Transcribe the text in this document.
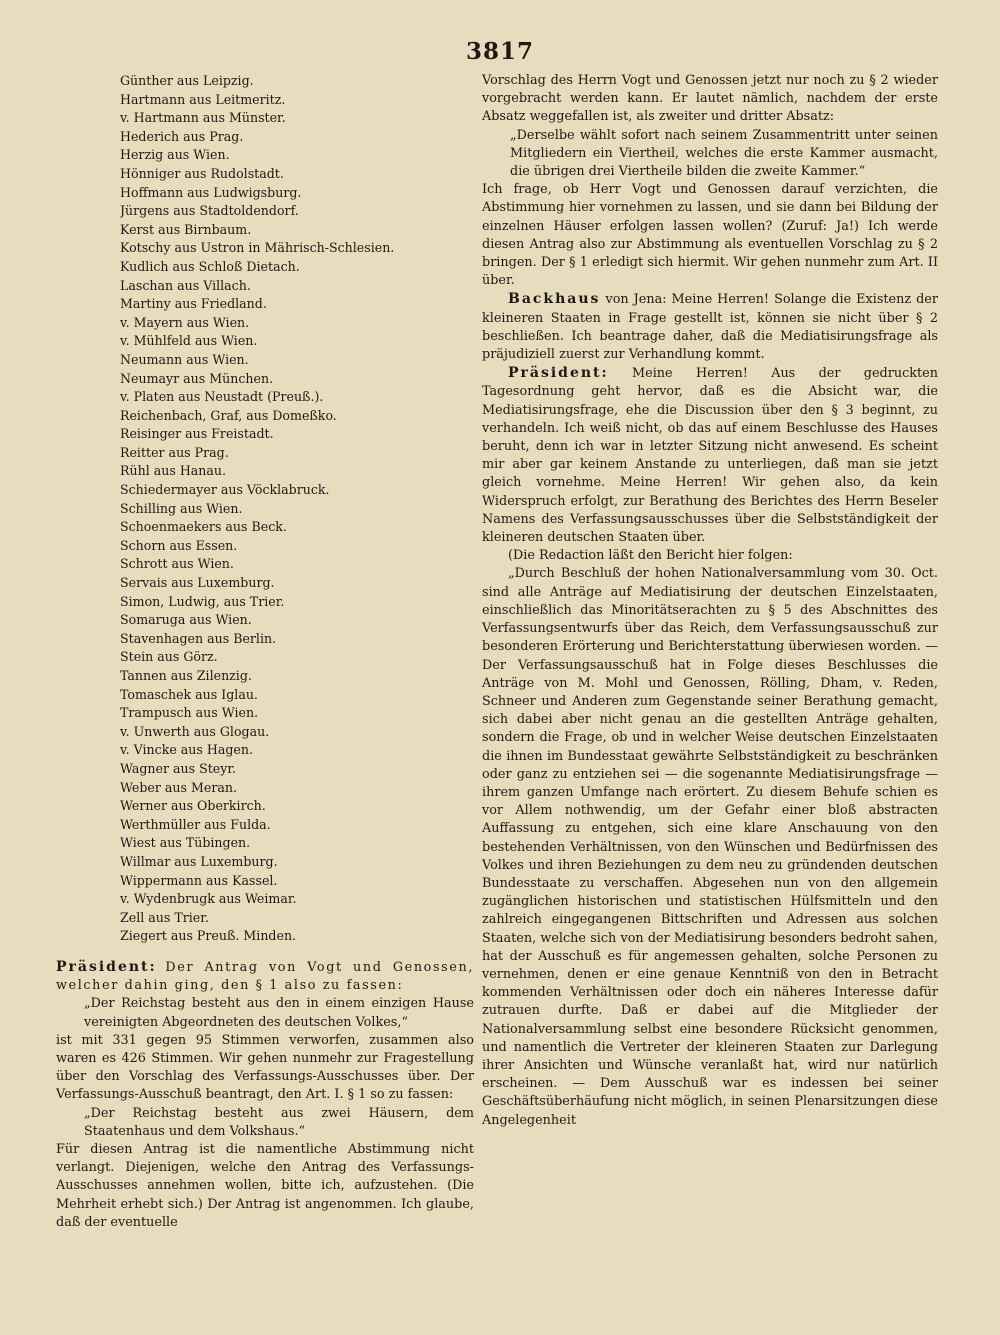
3817
Günther aus Leipzig.
Hartmann aus Leitmeritz.
v. Hartmann aus Münster.
Hederich aus Prag.
Herzig aus Wien.
Hönniger aus Rudolstadt.
Hoffmann aus Ludwigsburg.
Jürgens aus Stadtoldendorf.
Kerst aus Birnbaum.
Kotschy aus Ustron in Mährisch-Schlesien.
Kudlich aus Schloß Dietach.
Laschan aus Villach.
Martiny aus Friedland.
v. Mayern aus Wien.
v. Mühlfeld aus Wien.
Neumann aus Wien.
Neumayr aus München.
v. Platen aus Neustadt (Preuß.).
Reichenbach, Graf, aus Domeßko.
Reisinger aus Freistadt.
Reitter aus Prag.
Rühl aus Hanau.
Schiedermayer aus Vöcklabruck.
Schilling aus Wien.
Schoenmaekers aus Beck.
Schorn aus Essen.
Schrott aus Wien.
Servais aus Luxemburg.
Simon, Ludwig, aus Trier.
Somaruga aus Wien.
Stavenhagen aus Berlin.
Stein aus Görz.
Tannen aus Zilenzig.
Tomaschek aus Iglau.
Trampusch aus Wien.
v. Unwerth aus Glogau.
v. Vincke aus Hagen.
Wagner aus Steyr.
Weber aus Meran.
Werner aus Oberkirch.
Werthmüller aus Fulda.
Wiest aus Tübingen.
Willmar aus Luxemburg.
Wippermann aus Kassel.
v. Wydenbrugk aus Weimar.
Zell aus Trier.
Ziegert aus Preuß. Minden.

Präsident: Der Antrag von Vogt und Genossen, welcher dahin ging, den § 1 also zu fassen:

„Der Reichstag besteht aus den in einem einzigen Hause vereinigten Abgeordneten des deutschen Volkes,“

ist mit 331 gegen 95 Stimmen verworfen, zusammen also waren es 426 Stimmen. Wir gehen nunmehr zur Fragestellung über den Vorschlag des Verfassungs-Ausschusses über. Der Verfassungs-Ausschuß beantragt, den Art. I. § 1 so zu fassen:

„Der Reichstag besteht aus zwei Häusern, dem Staatenhaus und dem Volkshaus.“

Für diesen Antrag ist die namentliche Abstimmung nicht verlangt. Diejenigen, welche den Antrag des Verfassungs-Ausschusses annehmen wollen, bitte ich, aufzustehen. (Die Mehrheit erhebt sich.) Der Antrag ist angenommen. Ich glaube, daß der eventuelle

Vorschlag des Herrn Vogt und Genossen jetzt nur noch zu § 2 wieder vorgebracht werden kann. Er lautet nämlich, nachdem der erste Absatz weggefallen ist, als zweiter und dritter Absatz:

„Derselbe wählt sofort nach seinem Zusammentritt unter seinen Mitgliedern ein Viertheil, welches die erste Kammer ausmacht, die übrigen drei Viertheile bilden die zweite Kammer.“

Ich frage, ob Herr Vogt und Genossen darauf verzichten, die Abstimmung hier vornehmen zu lassen, und sie dann bei Bildung der einzelnen Häuser erfolgen lassen wollen? (Zuruf: Ja!) Ich werde diesen Antrag also zur Abstimmung als eventuellen Vorschlag zu § 2 bringen. Der § 1 erledigt sich hiermit. Wir gehen nunmehr zum Art. II über.

Backhaus von Jena: Meine Herren! Solange die Existenz der kleineren Staaten in Frage gestellt ist, können sie nicht über § 2 beschließen. Ich beantrage daher, daß die Mediatisirungsfrage als präjudiziell zuerst zur Verhandlung kommt.

Präsident: Meine Herren! Aus der gedruckten Tagesordnung geht hervor, daß es die Absicht war, die Mediatisirungsfrage, ehe die Discussion über den § 3 beginnt, zu verhandeln. Ich weiß nicht, ob das auf einem Beschlusse des Hauses beruht, denn ich war in letzter Sitzung nicht anwesend. Es scheint mir aber gar keinem Anstande zu unterliegen, daß man sie jetzt gleich vornehme. Meine Herren! Wir gehen also, da kein Widerspruch erfolgt, zur Berathung des Berichtes des Herrn Beseler Namens des Verfassungsausschusses über die Selbstständigkeit der kleineren deutschen Staaten über.

(Die Redaction läßt den Bericht hier folgen:

„Durch Beschluß der hohen Nationalversammlung vom 30. Oct. sind alle Anträge auf Mediatisirung der deutschen Einzelstaaten, einschließlich das Minoritätserachten zu § 5 des Abschnittes des Verfassungsentwurfs über das Reich, dem Verfassungsausschuß zur besonderen Erörterung und Berichterstattung überwiesen worden. — Der Verfassungsausschuß hat in Folge dieses Beschlusses die Anträge von M. Mohl und Genossen, Rölling, Dham, v. Reden, Schneer und Anderen zum Gegenstande seiner Berathung gemacht, sich dabei aber nicht genau an die gestellten Anträge gehalten, sondern die Frage, ob und in welcher Weise deutschen Einzelstaaten die ihnen im Bundesstaat gewährte Selbstständigkeit zu beschränken oder ganz zu entziehen sei — die sogenannte Mediatisirungsfrage — ihrem ganzen Umfange nach erörtert. Zu diesem Behufe schien es vor Allem nothwendig, um der Gefahr einer bloß abstracten Auffassung zu entgehen, sich eine klare Anschauung von den bestehenden Verhältnissen, von den Wünschen und Bedürfnissen des Volkes und ihren Beziehungen zu dem neu zu gründenden deutschen Bundesstaate zu verschaffen. Abgesehen nun von den allgemein zugänglichen historischen und statistischen Hülfsmitteln und den zahlreich eingegangenen Bittschriften und Adressen aus solchen Staaten, welche sich von der Mediatisirung besonders bedroht sahen, hat der Ausschuß es für angemessen gehalten, solche Personen zu vernehmen, denen er eine genaue Kenntniß von den in Betracht kommenden Verhältnissen oder doch ein näheres Interesse dafür zutrauen durfte. Daß er dabei auf die Mitglieder der Nationalversammlung selbst eine besondere Rücksicht genommen, und namentlich die Vertreter der kleineren Staaten zur Darlegung ihrer Ansichten und Wünsche veranlaßt hat, wird nur natürlich erscheinen. — Dem Ausschuß war es indessen bei seiner Geschäftsüberhäufung nicht möglich, in seinen Plenarsitzungen diese Angelegenheit
